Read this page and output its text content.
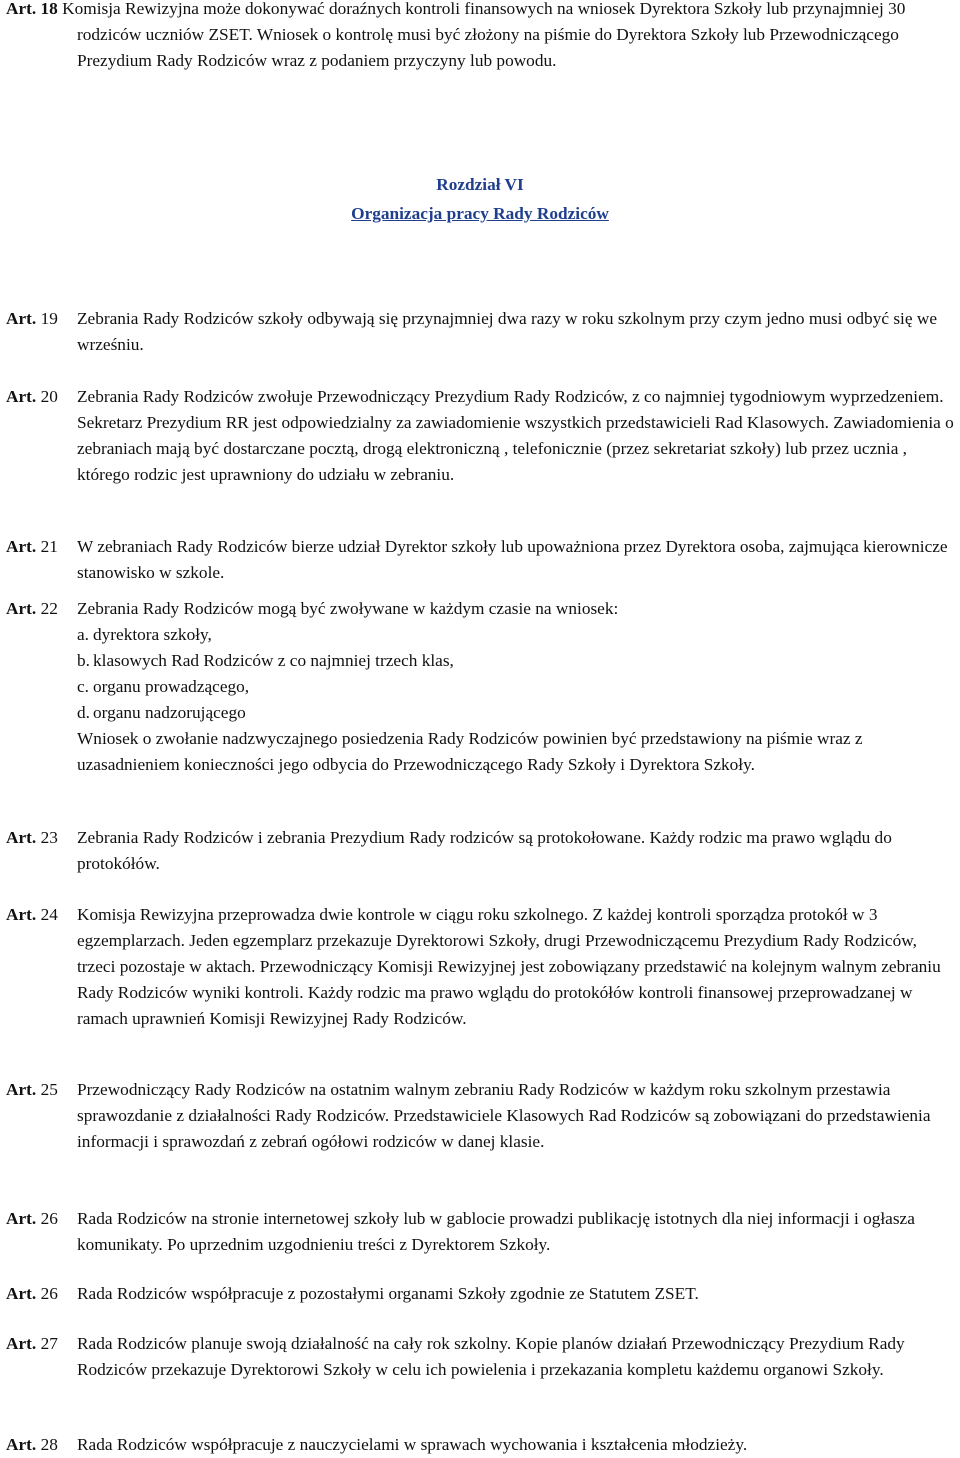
Art. 18 Komisja Rewizyjna może dokonywać doraźnych kontroli finansowych na wniosek Dyrektora Szkoły lub przynajmniej 30 rodziców uczniów ZSET. Wniosek o kontrolę musi być złożony na piśmie do Dyrektora Szkoły lub Przewodniczącego Prezydium Rady Rodziców wraz z podaniem przyczyny lub powodu.

Rozdział VI
Organizacja pracy Rady Rodziców
Art. 19 Zebrania Rady Rodziców szkoły odbywają się przynajmniej dwa razy w roku szkolnym przy czym jedno musi odbyć się we wrześniu.

Art. 20 Zebrania Rady Rodziców zwołuje Przewodniczący Prezydium Rady Rodziców, z co najmniej tygodniowym wyprzedzeniem. Sekretarz Prezydium RR jest odpowiedzialny za zawiadomienie wszystkich przedstawicieli Rad Klasowych. Zawiadomienia o zebraniach mają być dostarczane pocztą, drogą elektroniczną , telefonicznie (przez sekretariat szkoły) lub przez ucznia , którego rodzic jest uprawniony do udziału w zebraniu.

Art. 21 W zebraniach Rady Rodziców bierze udział Dyrektor szkoły lub upoważniona przez Dyrektora osoba, zajmująca kierownicze stanowisko w szkole.

Art. 22 Zebrania Rady Rodziców mogą być zwoływane w każdym czasie na wniosek:

a. dyrektora szkoły,
b. klasowych Rad Rodziców z co najmniej trzech klas,
c. organu prowadzącego,
d. organu nadzorującego

Wniosek o zwołanie nadzwyczajnego posiedzenia Rady Rodziców powinien być przedstawiony na piśmie wraz z uzasadnieniem konieczności jego odbycia do Przewodniczącego Rady Szkoły i Dyrektora Szkoły.

Art. 23 Zebrania Rady Rodziców i zebrania Prezydium Rady rodziców są protokołowane. Każdy rodzic ma prawo wglądu do protokółów.

Art. 24 Komisja Rewizyjna przeprowadza dwie kontrole w ciągu roku szkolnego. Z każdej kontroli sporządza protokół w 3 egzemplarzach. Jeden egzemplarz przekazuje Dyrektorowi Szkoły, drugi Przewodniczącemu Prezydium Rady Rodziców, trzeci pozostaje w aktach. Przewodniczący Komisji Rewizyjnej jest zobowiązany przedstawić na kolejnym walnym zebraniu Rady Rodziców wyniki kontroli. Każdy rodzic ma prawo wglądu do protokółów kontroli finansowej przeprowadzanej w ramach uprawnień Komisji Rewizyjnej Rady Rodziców.

Art. 25 Przewodniczący Rady Rodziców na ostatnim walnym zebraniu Rady Rodziców w każdym roku szkolnym przestawia sprawozdanie z działalności Rady Rodziców. Przedstawiciele Klasowych Rad Rodziców są zobowiązani do przedstawienia informacji i sprawozdań z zebrań ogółowi rodziców w danej klasie.

Art. 26 Rada Rodziców na stronie internetowej szkoły lub w gablocie prowadzi publikację istotnych dla niej informacji i ogłasza komunikaty. Po uprzednim uzgodnieniu treści z Dyrektorem Szkoły.

Art. 26 Rada Rodziców współpracuje z pozostałymi organami Szkoły zgodnie ze Statutem ZSET.

Art. 27 Rada Rodziców planuje swoją działalność na cały rok szkolny. Kopie planów działań Przewodniczący Prezydium Rady Rodziców przekazuje Dyrektorowi Szkoły w celu ich powielenia i przekazania kompletu każdemu organowi Szkoły.

Art. 28 Rada Rodziców współpracuje z nauczycielami w sprawach wychowania i kształcenia młodzieży.
